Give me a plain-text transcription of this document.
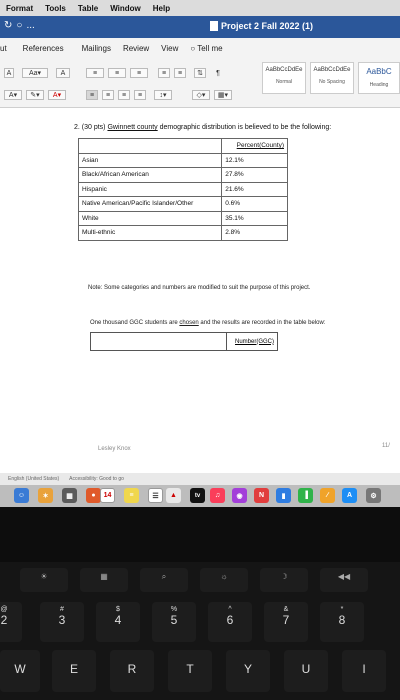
Format Tools Table Window Help
↻ ○ ...	Project 2 Fall 2022 (1)
ut References Mailings Review View ○ Tell me
A	Aa▾	A
A▾	✎▾	A▾
≡	≡	≡	≡	≡	⇅	¶
≡	≡	≡	≡	↕▾	◇▾	▦▾
AaBbCcDdEe
Normal
AaBbCcDdEe
No Spacing
AaBbC
Heading
2. (30 pts) Gwinnett county demographic distribution is believed to be the following:
	Percent(County)
Asian	12.1%
Black/African American	27.8%
Hispanic	21.6%
Native American/Pacific Islander/Other	0.6%
White	35.1%
Multi-ethnic	2.8%
Note: Some categories and numbers are modified to suit the purpose of this project.
One thousand GGC students are chosen and the results are recorded in the table below:
	Number(GGC)
Lesley Knox	11/
English (United States) Accessibility: Good to go
☺	✶	▦	●	14	≡	☰	▲	tv	♫	◉	N	▮	▐	∕	A	⚙
☀	▦	⌕	☼	☽	◀◀
@
2
#
3
$
4
%
5
^
6
&
7
*
8
W	E	R	T	Y	U	I
